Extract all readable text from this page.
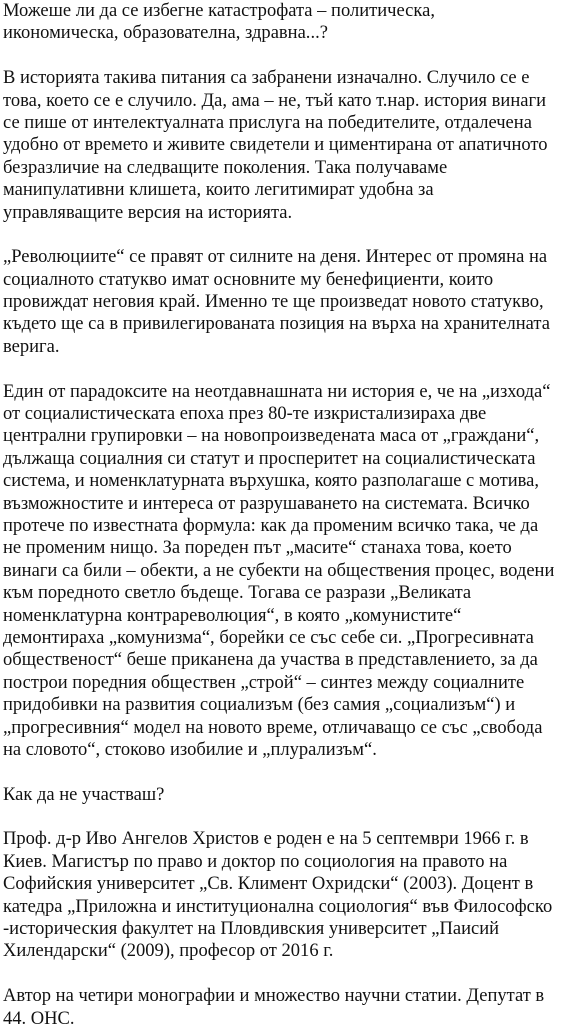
Можеше ли да се избегне катастрофата – политическа,
икономическа, образователна, здравна...?
В историята такива питания са забранени изначално. Случило се е
това, което се е случило. Да, ама – не, тъй като т.нар. история винаги
се пише от интелектуалната прислуга на победителите, отдалечена
удобно от времето и живите свидетели и циментирана от апатичното
безразличие на следващите поколения. Така получаваме
манипулативни клишета, които легитимират удобна за
управляващите версия на историята.
„Революциите“ се правят от силните на деня. Интерес от промяна на
социалното статукво имат основните му бенефициенти, които
провиждат неговия край. Именно те ще произведат новото статукво,
където ще са в привилегированата позиция на върха на хранителната
верига.
Един от парадоксите на неотдавнашната ни история е, че на „изхода“
от социалистическата епоха през 80-те изкристализираха две
централни групировки – на новопроизведената маса от „граждани“,
дължаща социалния си статут и просперитет на социалистическата
система, и номенклатурната върхушка, която разполагаше с мотива,
възможностите и интереса от разрушаването на системата. Всичко
протече по известната формула: как да променим всичко така, че да
не променим нищо. За пореден път „масите“ станаха това, което
винаги са били – обекти, а не субекти на обществения процес, водени
към поредното светло бъдеще. Тогава се разрази „Великата
номенклатурна контрареволюция“, в която „комунистите“
демонтираха „комунизма“, борейки се със себе си. „Прогресивната
общественост“ беше приканена да участва в представлението, за да
построи поредния обществен „строй“ – синтез между социалните
придобивки на развития социализъм (без самия „социализъм“) и
„прогресивния“ модел на новото време, отличаващо се със „свобода
на словото“, стоково изобилие и „плурализъм“.
Как да не участваш?
Проф. д-р Иво Ангелов Христов е роден е на 5 септември 1966 г. в
Киев. Магистър по право и доктор по социология на правото на
Софийския университет „Св. Климент Охридски“ (2003). Доцент в
катедра „Приложна и институционална социология“ във Философско
-историческия факултет на Пловдивския университет „Паисий
Хилендарски“ (2009), професор от 2016 г.
Автор на четири монографии и множество научни статии. Депутат в
44. ОНС.
